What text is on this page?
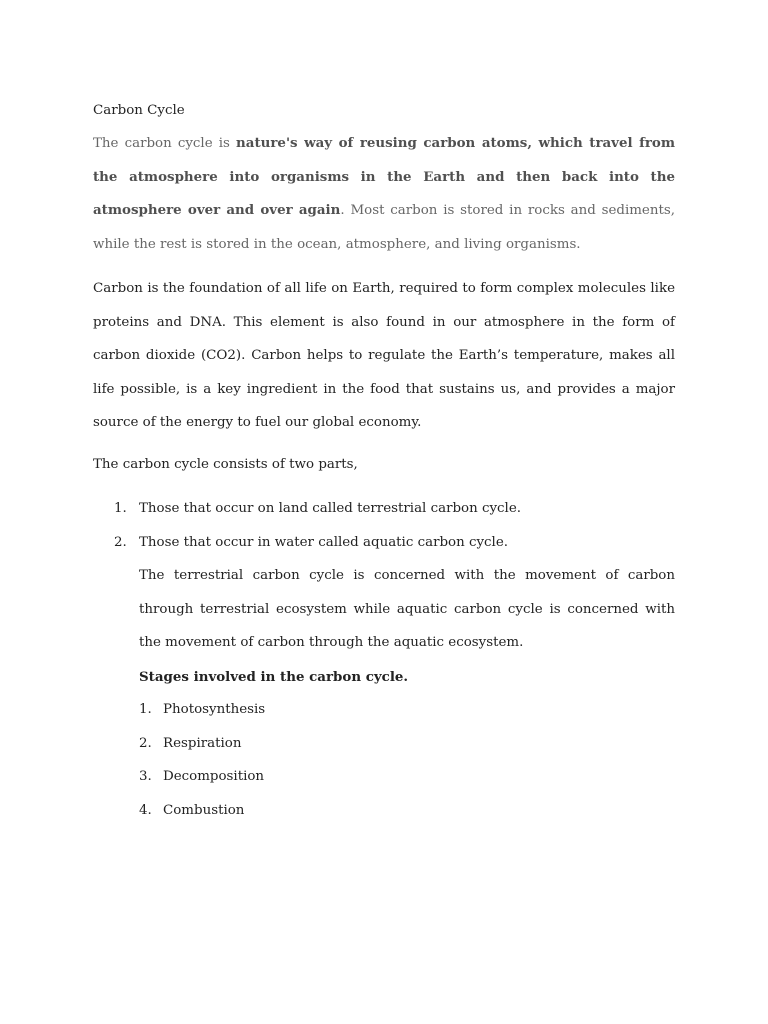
Carbon Cycle

The carbon cycle is nature's way of reusing carbon atoms, which travel from the atmosphere into organisms in the Earth and then back into the atmosphere over and over again. Most carbon is stored in rocks and sediments, while the rest is stored in the ocean, atmosphere, and living organisms.

Carbon is the foundation of all life on Earth, required to form complex molecules like proteins and DNA. This element is also found in our atmosphere in the form of carbon dioxide (CO2). Carbon helps to regulate the Earth’s temperature, makes all life possible, is a key ingredient in the food that sustains us, and provides a major source of the energy to fuel our global economy.

The carbon cycle consists of two parts,

1. Those that occur on land called terrestrial carbon cycle.
2. Those that occur in water called aquatic carbon cycle.

The terrestrial carbon cycle is concerned with the movement of carbon through terrestrial ecosystem while aquatic carbon cycle is concerned with the movement of carbon through the aquatic ecosystem.

Stages involved in the carbon cycle.
1. Photosynthesis
2. Respiration
3. Decomposition
4. Combustion
